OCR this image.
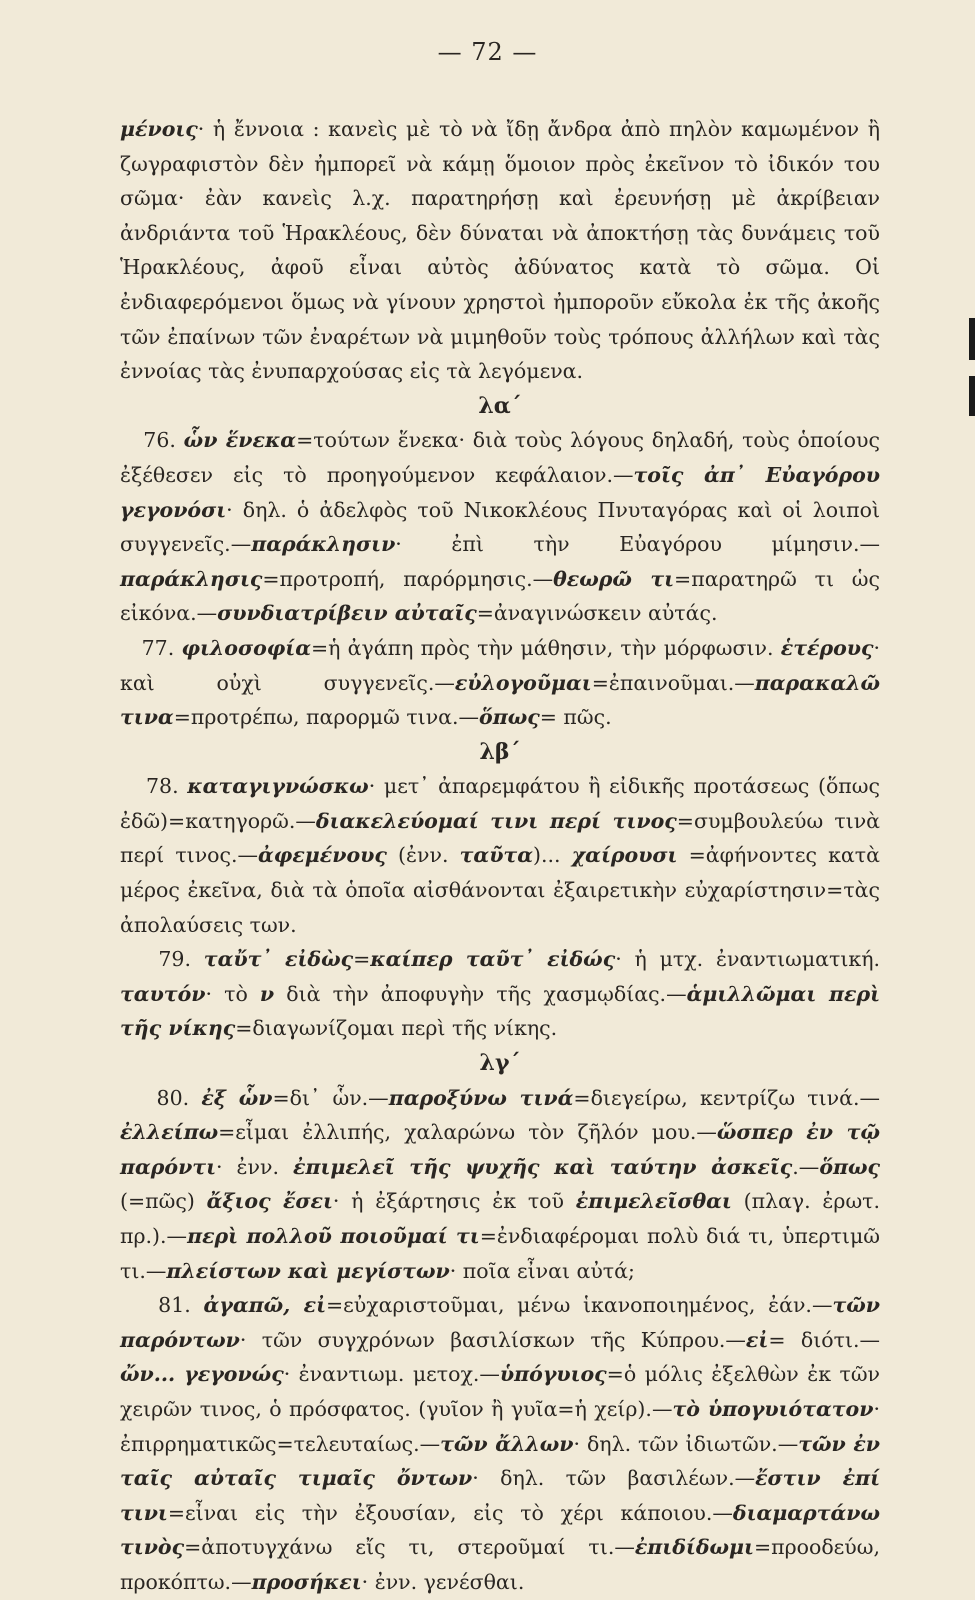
— 72 —

μένοις· ἡ ἔννοια : κανεὶς μὲ τὸ νὰ ἴδῃ ἄνδρα ἀπὸ πηλὸν καμωμένον ἢ ζωγραφιστὸν δὲν ἠμπορεῖ νὰ κάμῃ ὅμοιον πρὸς ἐκεῖνον τὸ ἰδικόν του σῶμα· ἐὰν κανεὶς λ.χ. παρατηρήσῃ καὶ ἐρευνήσῃ μὲ ἀκρίβειαν ἀνδριάντα τοῦ Ἡρακλέους, δὲν δύναται νὰ ἀποκτήσῃ τὰς δυνάμεις τοῦ Ἡρακλέους, ἀφοῦ εἶναι αὐτὸς ἀδύνατος κατὰ τὸ σῶμα. Οἱ ἐνδιαφερόμενοι ὅμως νὰ γίνουν χρηστοὶ ἠμποροῦν εὔκολα ἐκ τῆς ἀκοῆς τῶν ἐπαίνων τῶν ἐναρέτων νὰ μιμηθοῦν τοὺς τρόπους ἀλλήλων καὶ τὰς ἐννοίας τὰς ἐνυπαρχούσας εἰς τὰ λεγόμενα.

λα΄

76. ὧν ἕνεκα=τούτων ἕνεκα· διὰ τοὺς λόγους δηλαδή, τοὺς ὁποίους ἐξέθεσεν εἰς τὸ προηγούμενον κεφάλαιον.—τοῖς ἀπ᾿ Εὐαγόρου γεγονόσι· δηλ. ὁ ἀδελφὸς τοῦ Νικοκλέους Πνυταγόρας καὶ οἱ λοιποὶ συγγενεῖς.—παράκλησιν· ἐπὶ τὴν Εὐαγόρου μίμησιν.—παράκλησις=προτροπή, παρόρμησις.—θεωρῶ τι=παρατηρῶ τι ὡς εἰκόνα.—συνδιατρίβειν αὐταῖς=ἀναγινώσκειν αὐτάς.

77. φιλοσοφία=ἡ ἀγάπη πρὸς τὴν μάθησιν, τὴν μόρφωσιν. ἑτέρους· καὶ οὐχὶ συγγενεῖς.—εὐλογοῦμαι=ἐπαινοῦμαι.—παρακαλῶ τινα=προτρέπω, παρορμῶ τινα.—ὅπως= πῶς.

λβ΄

78. καταγιγνώσκω· μετ᾿ ἀπαρεμφάτου ἢ εἰδικῆς προτάσεως (ὅπως ἐδῶ)=κατηγορῶ.—διακελεύομαί τινι περί τινος=συμβουλεύω τινὰ περί τινος.—ἀφεμένους (ἐνν. ταῦτα)... χαίρουσι =ἀφήνοντες κατὰ μέρος ἐκεῖνα, διὰ τὰ ὁποῖα αἰσθάνονται ἐξαιρετικὴν εὐχαρίστησιν=τὰς ἀπολαύσεις των.

79. ταὔτ᾿ εἰδὼς=καίπερ ταῦτ᾿ εἰδώς· ἡ μτχ. ἐναντιωματική. ταυτόν· τὸ ν διὰ τὴν ἀποφυγὴν τῆς χασμῳδίας.—ἁμιλλῶμαι περὶ τῆς νίκης=διαγωνίζομαι περὶ τῆς νίκης.

λγ΄

80. ἐξ ὧν=δι᾿ ὧν.—παροξύνω τινά=διεγείρω, κεντρίζω τινά.—ἐλλείπω=εἶμαι ἐλλιπής, χαλαρώνω τὸν ζῆλόν μου.—ὥσπερ ἐν τῷ παρόντι· ἐνν. ἐπιμελεῖ τῆς ψυχῆς καὶ ταύτην ἀσκεῖς.—ὅπως (=πῶς) ἄξιος ἔσει· ἡ ἐξάρτησις ἐκ τοῦ ἐπιμελεῖσθαι (πλαγ. ἐρωτ. πρ.).—περὶ πολλοῦ ποιοῦμαί τι=ἐνδιαφέρομαι πολὺ διά τι, ὑπερτιμῶ τι.—πλείστων καὶ μεγίστων· ποῖα εἶναι αὐτά;

81. ἀγαπῶ, εἰ=εὐχαριστοῦμαι, μένω ἱκανοποιημένος, ἐάν.—τῶν παρόντων· τῶν συγχρόνων βασιλίσκων τῆς Κύπρου.—εἰ= διότι.—ὤν... γεγονώς· ἐναντιωμ. μετοχ.—ὑπόγυιος=ὁ μόλις ἐξελθὼν ἐκ τῶν χειρῶν τινος, ὁ πρόσφατος. (γυῖον ἢ γυῖα=ἡ χείρ).—τὸ ὑπογυιότατον· ἐπιρρηματικῶς=τελευταίως.—τῶν ἄλλων· δηλ. τῶν ἰδιωτῶν.—τῶν ἐν ταῖς αὐταῖς τιμαῖς ὄντων· δηλ. τῶν βασιλέων.—ἔστιν ἐπί τινι=εἶναι εἰς τὴν ἐξουσίαν, εἰς τὸ χέρι κάποιου.—διαμαρτάνω τινὸς=ἀποτυγχάνω εἴς τι, στεροῦμαί τι.—ἐπιδίδωμι=προοδεύω, προκόπτω.—προσήκει· ἐνν. γενέσθαι.
